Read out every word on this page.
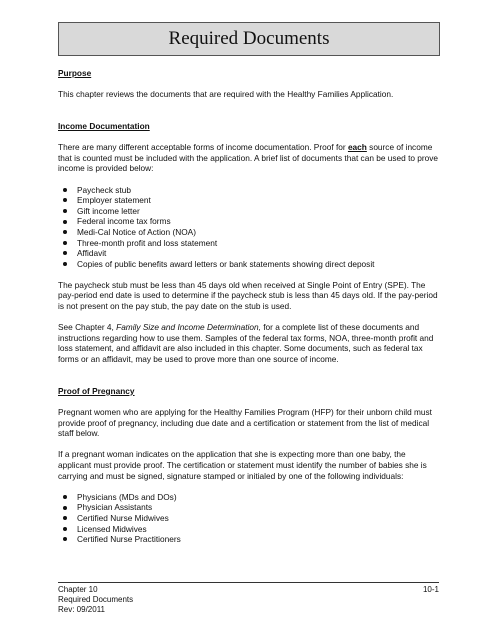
Required Documents

Purpose

This chapter reviews the documents that are required with the Healthy Families Application.

Income Documentation

There are many different acceptable forms of income documentation. Proof for each source of income that is counted must be included with the application. A brief list of documents that can be used to prove income is provided below:

Paycheck stub
Employer statement
Gift income letter
Federal income tax forms
Medi-Cal Notice of Action (NOA)
Three-month profit and loss statement
Affidavit
Copies of public benefits award letters or bank statements showing direct deposit

The paycheck stub must be less than 45 days old when received at Single Point of Entry (SPE). The pay-period end date is used to determine if the paycheck stub is less than 45 days old. If the pay-period is not present on the pay stub, the pay date on the stub is used.

See Chapter 4, Family Size and Income Determination, for a complete list of these documents and instructions regarding how to use them. Samples of the federal tax forms, NOA, three-month profit and loss statement, and affidavit are also included in this chapter. Some documents, such as federal tax forms or an affidavit, may be used to prove more than one source of income.

Proof of Pregnancy

Pregnant women who are applying for the Healthy Families Program (HFP) for their unborn child must provide proof of pregnancy, including due date and a certification or statement from the list of medical staff below.

If a pregnant woman indicates on the application that she is expecting more than one baby, the applicant must provide proof. The certification or statement must identify the number of babies she is carrying and must be signed, signature stamped or initialed by one of the following individuals:

Physicians (MDs and DOs)
Physician Assistants
Certified Nurse Midwives
Licensed Midwives
Certified Nurse Practitioners
Chapter 10
Required Documents
Rev: 09/2011
10-1
